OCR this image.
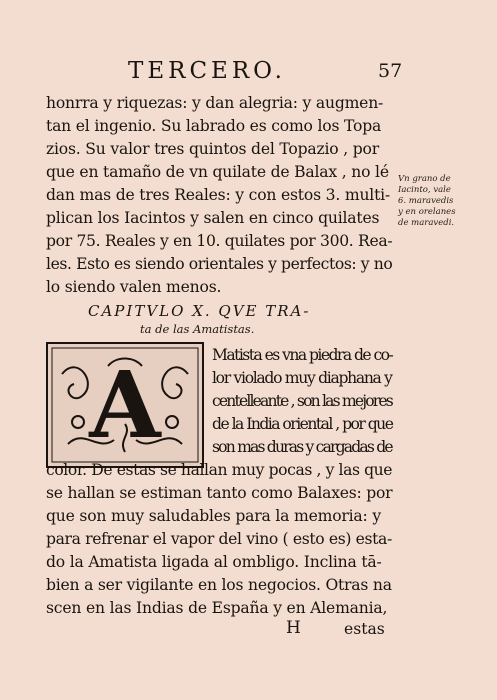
TERCERO.	57
honrra y riquezas: y dan alegria: y augmen-
tan el ingenio. Su labrado es como los Topa
zios. Su valor tres quintos del Topazio , por
que en tamaño de vn quilate de Balax , no lé
dan mas de tres Reales: y con estos 3. multi-
plican los Iacintos y salen en cinco quilates
por 75. Reales y en 10. quilates por 300. Rea-
les. Esto es siendo orientales y perfectos: y no
lo siendo valen menos.
Vn grano de
Iacinto, vale
6. maravedis
y en orelanes
de maravedi.
CAPITVLO X. QVE TRA-
ta de las Amatistas.
A	Matista es vna piedra de co-
lor violado muy diaphana y
centelleante , son las mejores
de la India oriental , por que
son mas duras y cargadas de
color. De estas se hallan muy pocas , y las que
se hallan se estiman tanto como Balaxes: por
que son muy saludables para la memoria: y
para refrenar el vapor del vino ( esto es) esta-
do la Amatista ligada al ombligo. Inclina tā-
bien a ser vigilante en los negocios. Otras na
scen en las Indias de España y en Alemania,
H	estas
